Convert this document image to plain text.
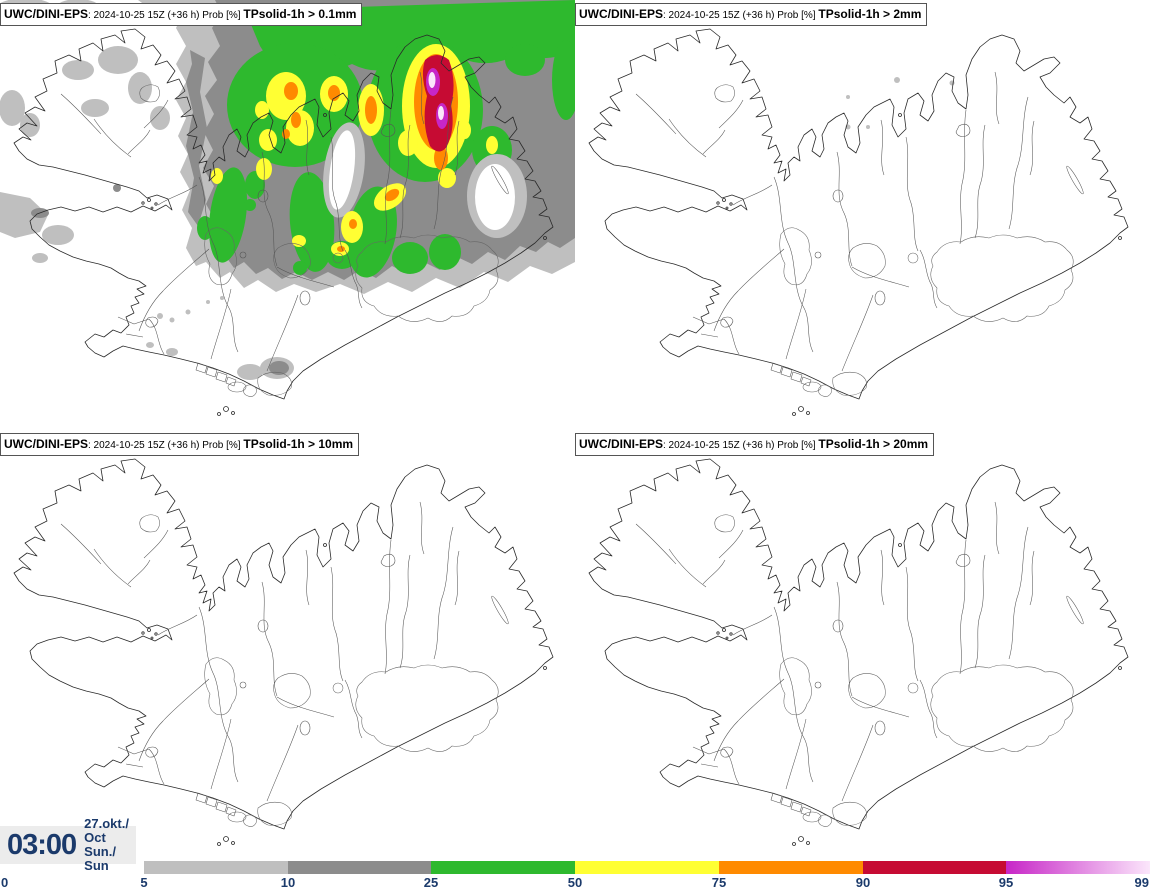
UWC/DINI-EPS: 2024-10-25 15Z (+36 h) Prob [%] TPsolid-1h > 0.1mm	UWC/DINI-EPS: 2024-10-25 15Z (+36 h) Prob [%] TPsolid-1h > 2mm
UWC/DINI-EPS: 2024-10-25 15Z (+36 h) Prob [%] TPsolid-1h > 10mm	UWC/DINI-EPS: 2024-10-25 15Z (+36 h) Prob [%] TPsolid-1h > 20mm
03:00
27.okt./ Oct
Sun./ Sun
0	5	10	25	50	75	90	95	99
